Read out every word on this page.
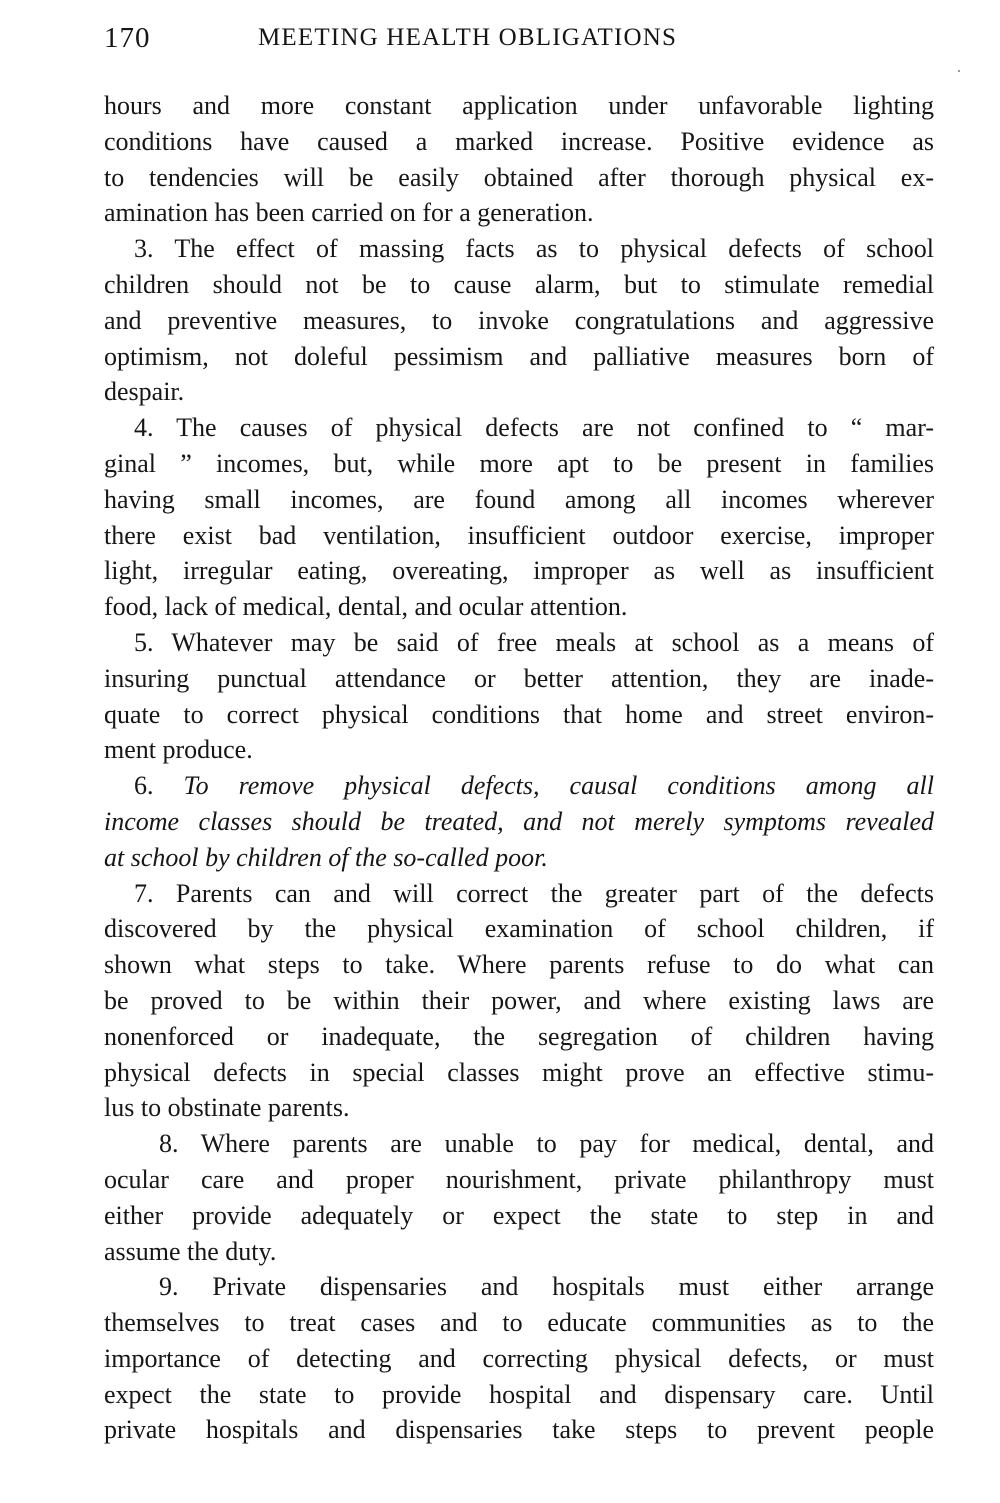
170	MEETING HEALTH OBLIGATIONS
hours and more constant application under unfavorable lighting
conditions have caused a marked increase. Positive evidence as
to tendencies will be easily obtained after thorough physical ex-
amination has been carried on for a generation.
3. The effect of massing facts as to physical defects of school
children should not be to cause alarm, but to stimulate remedial
and preventive measures, to invoke congratulations and aggressive
optimism, not doleful pessimism and palliative measures born of
despair.
4. The causes of physical defects are not confined to “ mar-
ginal ” incomes, but, while more apt to be present in families
having small incomes, are found among all incomes wherever
there exist bad ventilation, insufficient outdoor exercise, improper
light, irregular eating, overeating, improper as well as insufficient
food, lack of medical, dental, and ocular attention.
5. Whatever may be said of free meals at school as a means of
insuring punctual attendance or better attention, they are inade-
quate to correct physical conditions that home and street environ-
ment produce.
6. To remove physical defects, causal conditions among all
income classes should be treated, and not merely symptoms revealed
at school by children of the so-called poor.
7. Parents can and will correct the greater part of the defects
discovered by the physical examination of school children, if
shown what steps to take. Where parents refuse to do what can
be proved to be within their power, and where existing laws are
nonenforced or inadequate, the segregation of children having
physical defects in special classes might prove an effective stimu-
lus to obstinate parents.
8. Where parents are unable to pay for medical, dental, and
ocular care and proper nourishment, private philanthropy must
either provide adequately or expect the state to step in and
assume the duty.
9. Private dispensaries and hospitals must either arrange
themselves to treat cases and to educate communities as to the
importance of detecting and correcting physical defects, or must
expect the state to provide hospital and dispensary care. Until
private hospitals and dispensaries take steps to prevent people
